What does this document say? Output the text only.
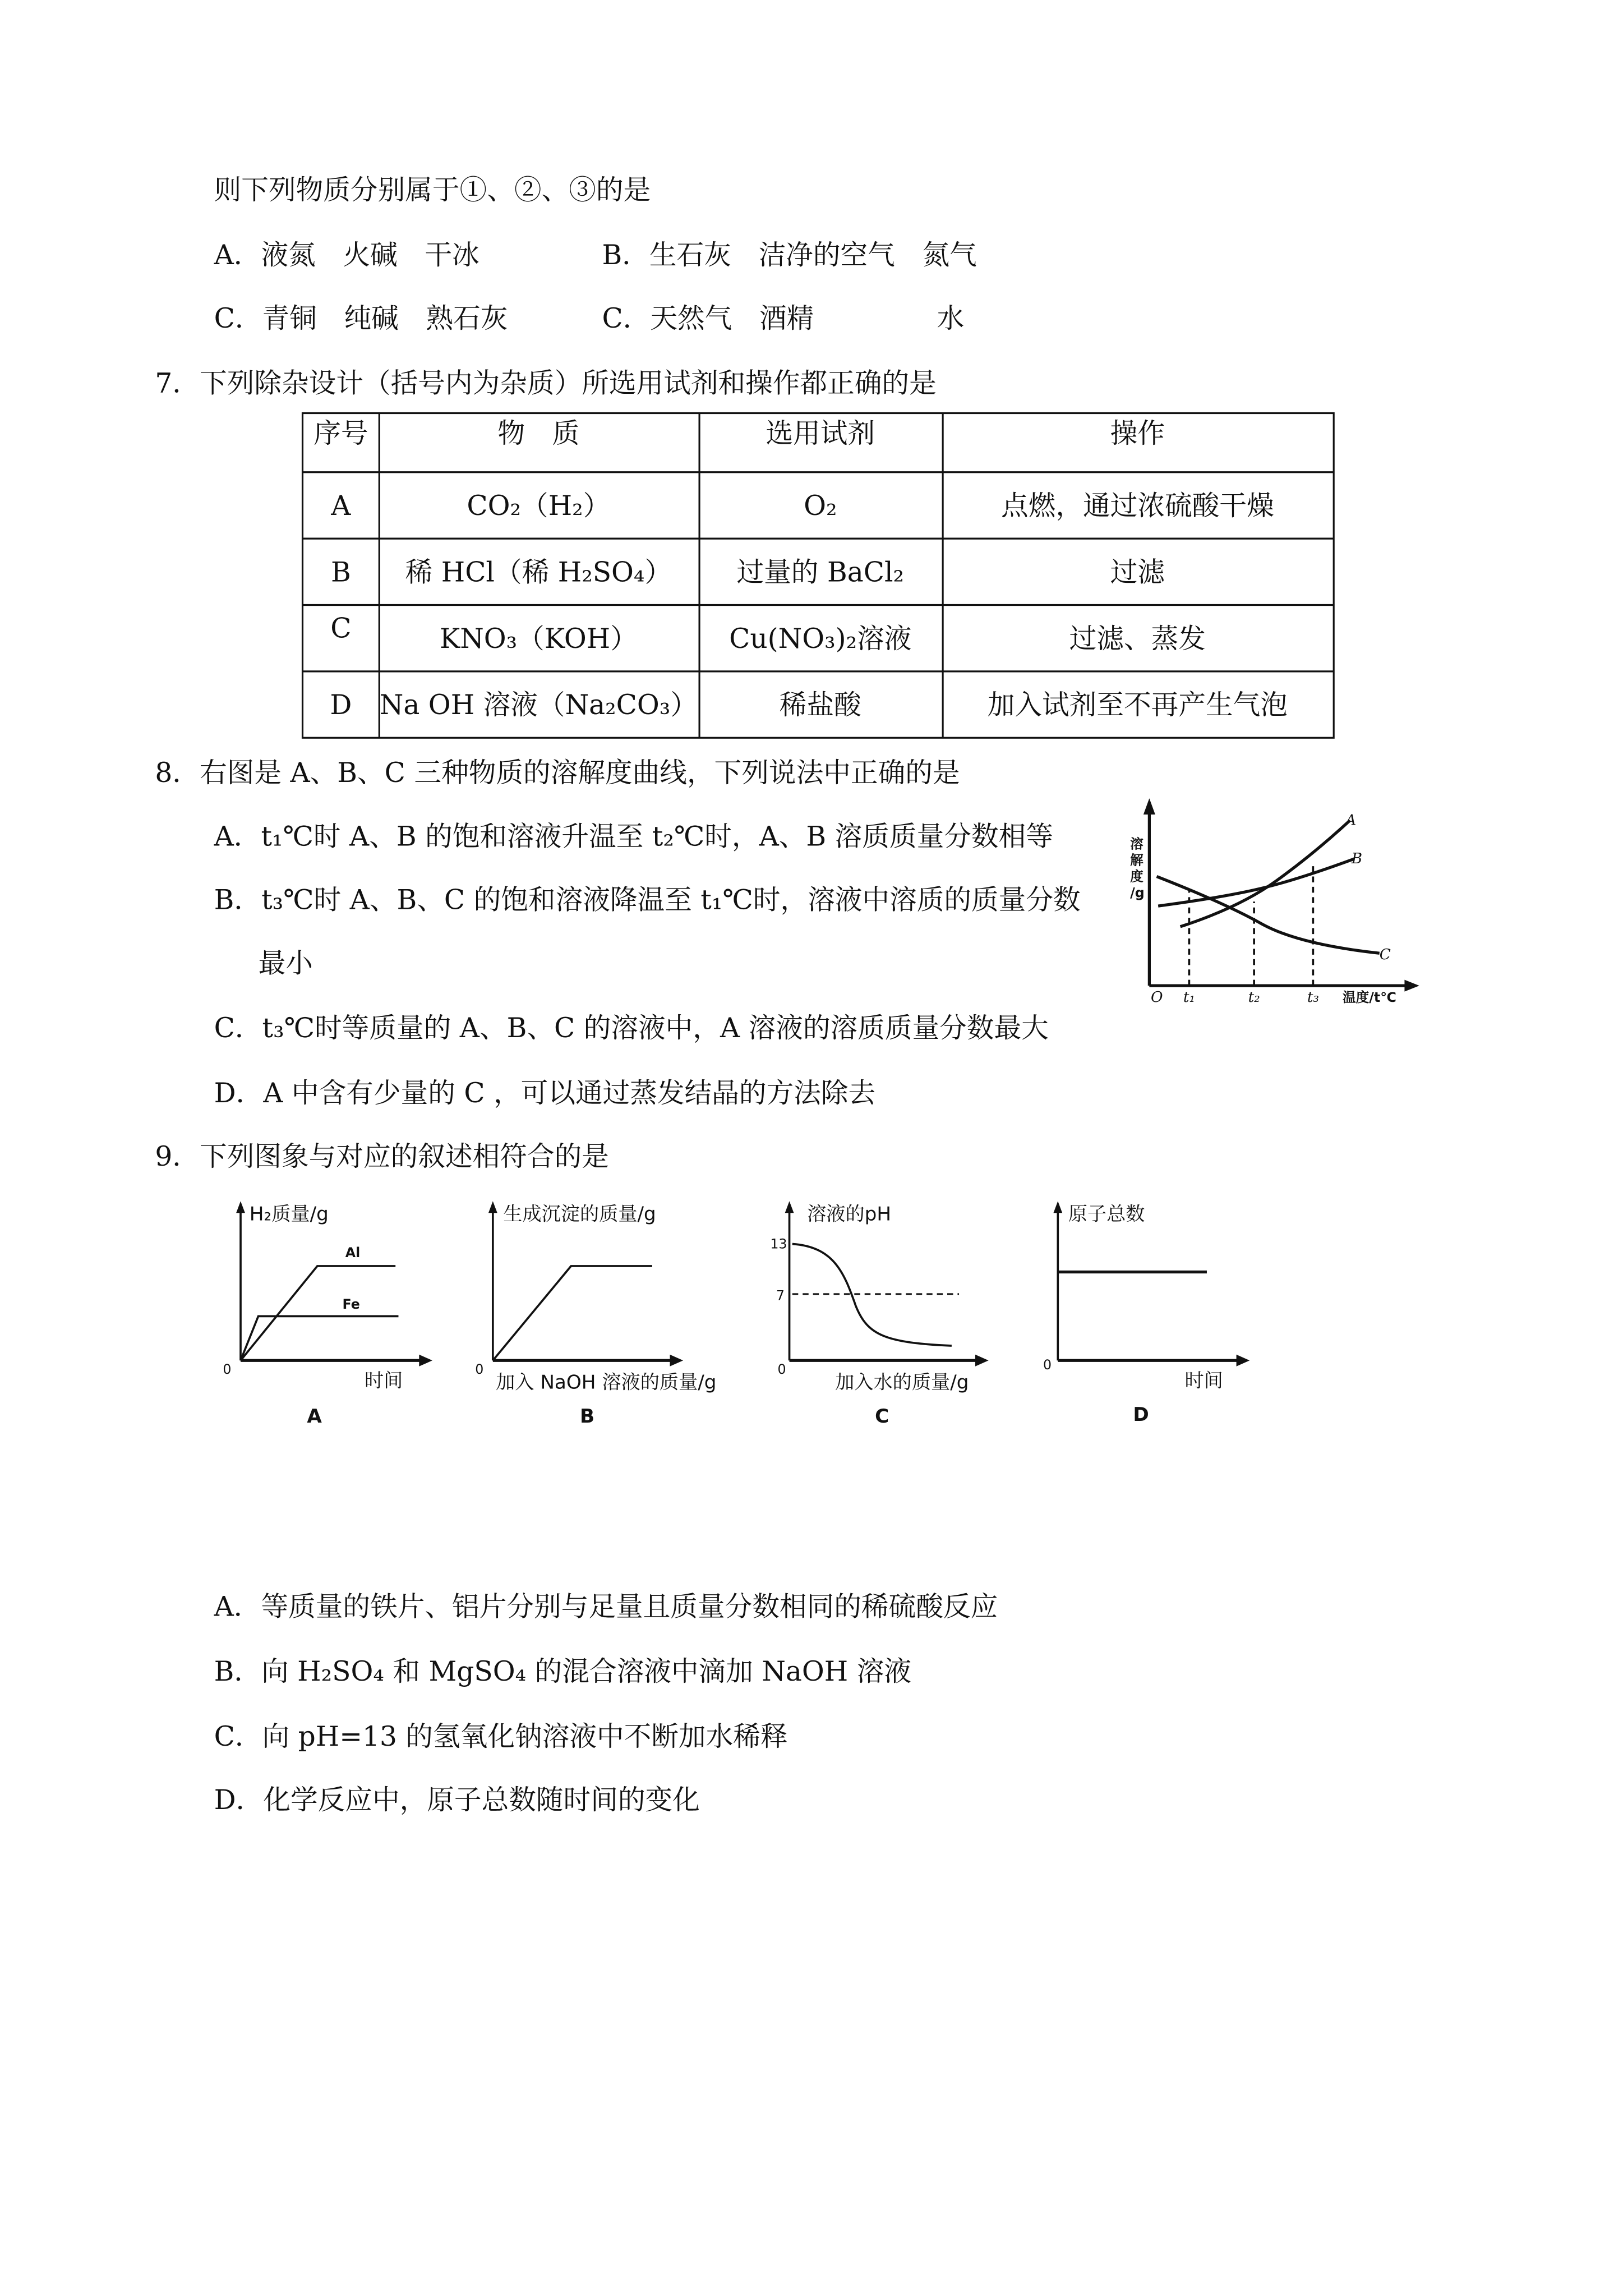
则下列物质分别属于①、②、③的是
A．液氮　火碱　干冰	B．生石灰　洁净的空气　氮气
C．青铜　纯碱　熟石灰	C．天然气　酒精	水
7．下列除杂设计（括号内为杂质）所选用试剂和操作都正确的是
序号	物　质	选用试剂	操作
A	CO₂（H₂）	O₂	点燃，通过浓硫酸干燥
B	稀 HCl（稀 H₂SO₄）	过量的 BaCl₂	过滤
C	KNO₃（KOH）	Cu(NO₃)₂溶液	过滤、蒸发
D	Na OH 溶液（Na₂CO₃）	稀盐酸	加入试剂至不再产生气泡
8．右图是 A、B、C 三种物质的溶解度曲线，下列说法中正确的是
A．t₁℃时 A、B 的饱和溶液升温至 t₂℃时，A、B 溶质质量分数相等
B．t₃℃时 A、B、C 的饱和溶液降温至 t₁℃时，溶液中溶质的质量分数
最小
C．t₃℃时等质量的 A、B、C 的溶液中，A 溶液的溶质质量分数最大
D．A 中含有少量的 C ，可以通过蒸发结晶的方法除去
溶
解
度
/g
O	t₁	t₂	t₃	温度/t℃
A
B
C
9．下列图象与对应的叙述相符合的是
H₂质量/g
Al
Fe
0
时间
A
生成沉淀的质量/g
0
加入 NaOH 溶液的质量/g
B
溶液的pH
13
7
0
加入水的质量/g
C
原子总数
0
时间
D
A．等质量的铁片、铝片分别与足量且质量分数相同的稀硫酸反应
B．向 H₂SO₄ 和 MgSO₄ 的混合溶液中滴加 NaOH 溶液
C．向 pH=13 的氢氧化钠溶液中不断加水稀释
D．化学反应中，原子总数随时间的变化
